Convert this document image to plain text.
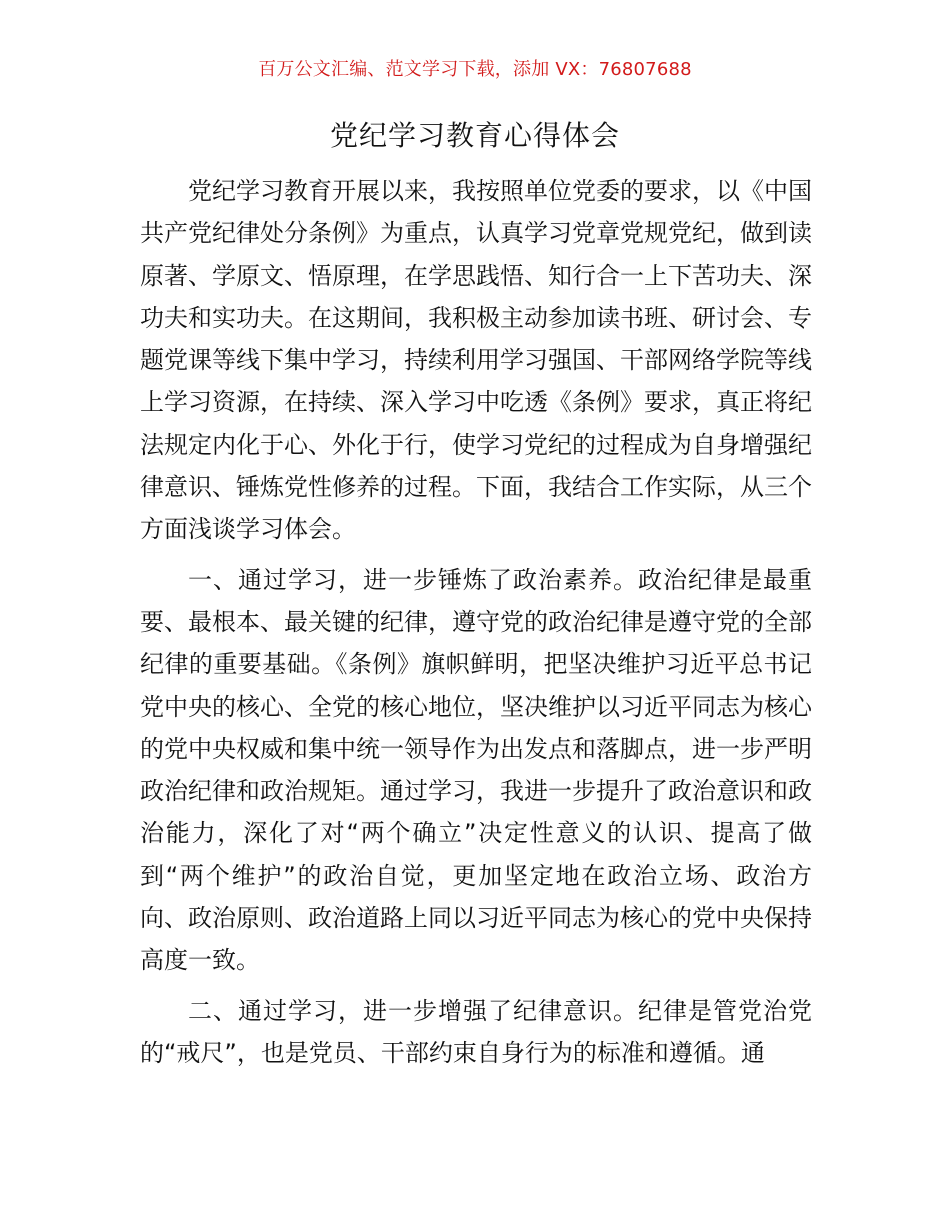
百万公文汇编、范文学习下载，添加 VX：76807688
党纪学习教育心得体会

党纪学习教育开展以来，我按照单位党委的要求，以《中国共产党纪律处分条例》为重点，认真学习党章党规党纪，做到读原著、学原文、悟原理，在学思践悟、知行合一上下苦功夫、深功夫和实功夫。在这期间，我积极主动参加读书班、研讨会、专题党课等线下集中学习，持续利用学习强国、干部网络学院等线上学习资源，在持续、深入学习中吃透《条例》要求，真正将纪法规定内化于心、外化于行，使学习党纪的过程成为自身增强纪律意识、锤炼党性修养的过程。下面，我结合工作实际，从三个方面浅谈学习体会。

一、通过学习，进一步锤炼了政治素养。政治纪律是最重要、最根本、最关键的纪律，遵守党的政治纪律是遵守党的全部纪律的重要基础。《条例》旗帜鲜明，把坚决维护习近平总书记党中央的核心、全党的核心地位，坚决维护以习近平同志为核心的党中央权威和集中统一领导作为出发点和落脚点，进一步严明政治纪律和政治规矩。通过学习，我进一步提升了政治意识和政治能力，深化了对“两个确立”决定性意义的认识、提高了做到“两个维护”的政治自觉，更加坚定地在政治立场、政治方向、政治原则、政治道路上同以习近平同志为核心的党中央保持高度一致。

二、通过学习，进一步增强了纪律意识。纪律是管党治党的“戒尺”，也是党员、干部约束自身行为的标准和遵循。通
